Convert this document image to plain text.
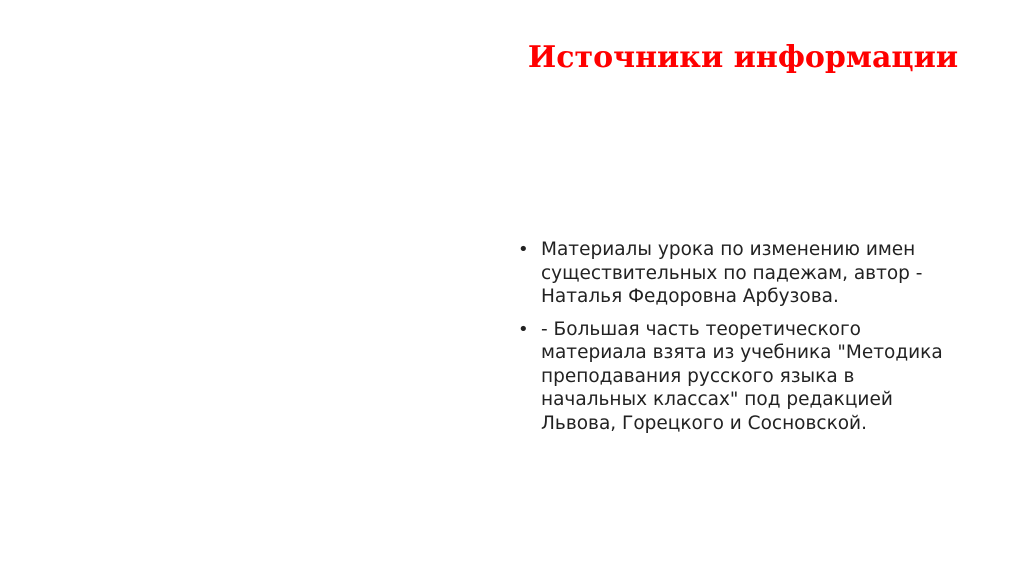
Источники информации
• Материалы урока по изменению имен существительных по падежам, автор - Наталья Федоровна Арбузова.
• - Большая часть теоретического материала взята из учебника "Методика преподавания русского языка в начальных классах" под редакцией Львова, Горецкого и Сосновской.
